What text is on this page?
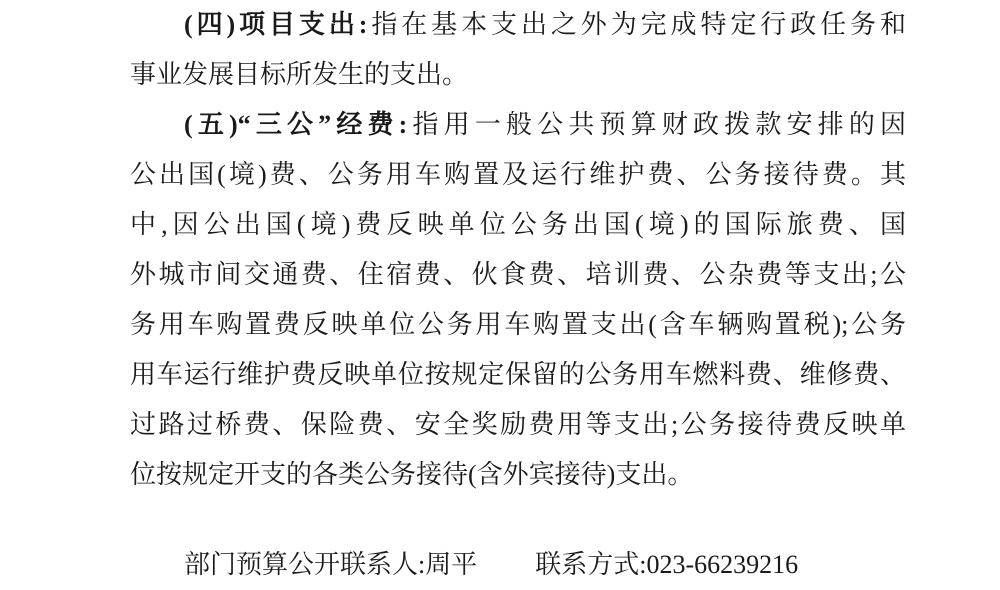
(四)项目支出:指在基本支出之外为完成特定行政任务和
事业发展目标所发生的支出。
(五)“三公”经费:指用一般公共预算财政拨款安排的因
公出国(境)费、公务用车购置及运行维护费、公务接待费。其
中,因公出国(境)费反映单位公务出国(境)的国际旅费、国
外城市间交通费、住宿费、伙食费、培训费、公杂费等支出;公
务用车购置费反映单位公务用车购置支出(含车辆购置税);公务
用车运行维护费反映单位按规定保留的公务用车燃料费、维修费、
过路过桥费、保险费、安全奖励费用等支出;公务接待费反映单
位按规定开支的各类公务接待(含外宾接待)支出。

部门预算公开联系人:周平 联系方式:023-66239216
